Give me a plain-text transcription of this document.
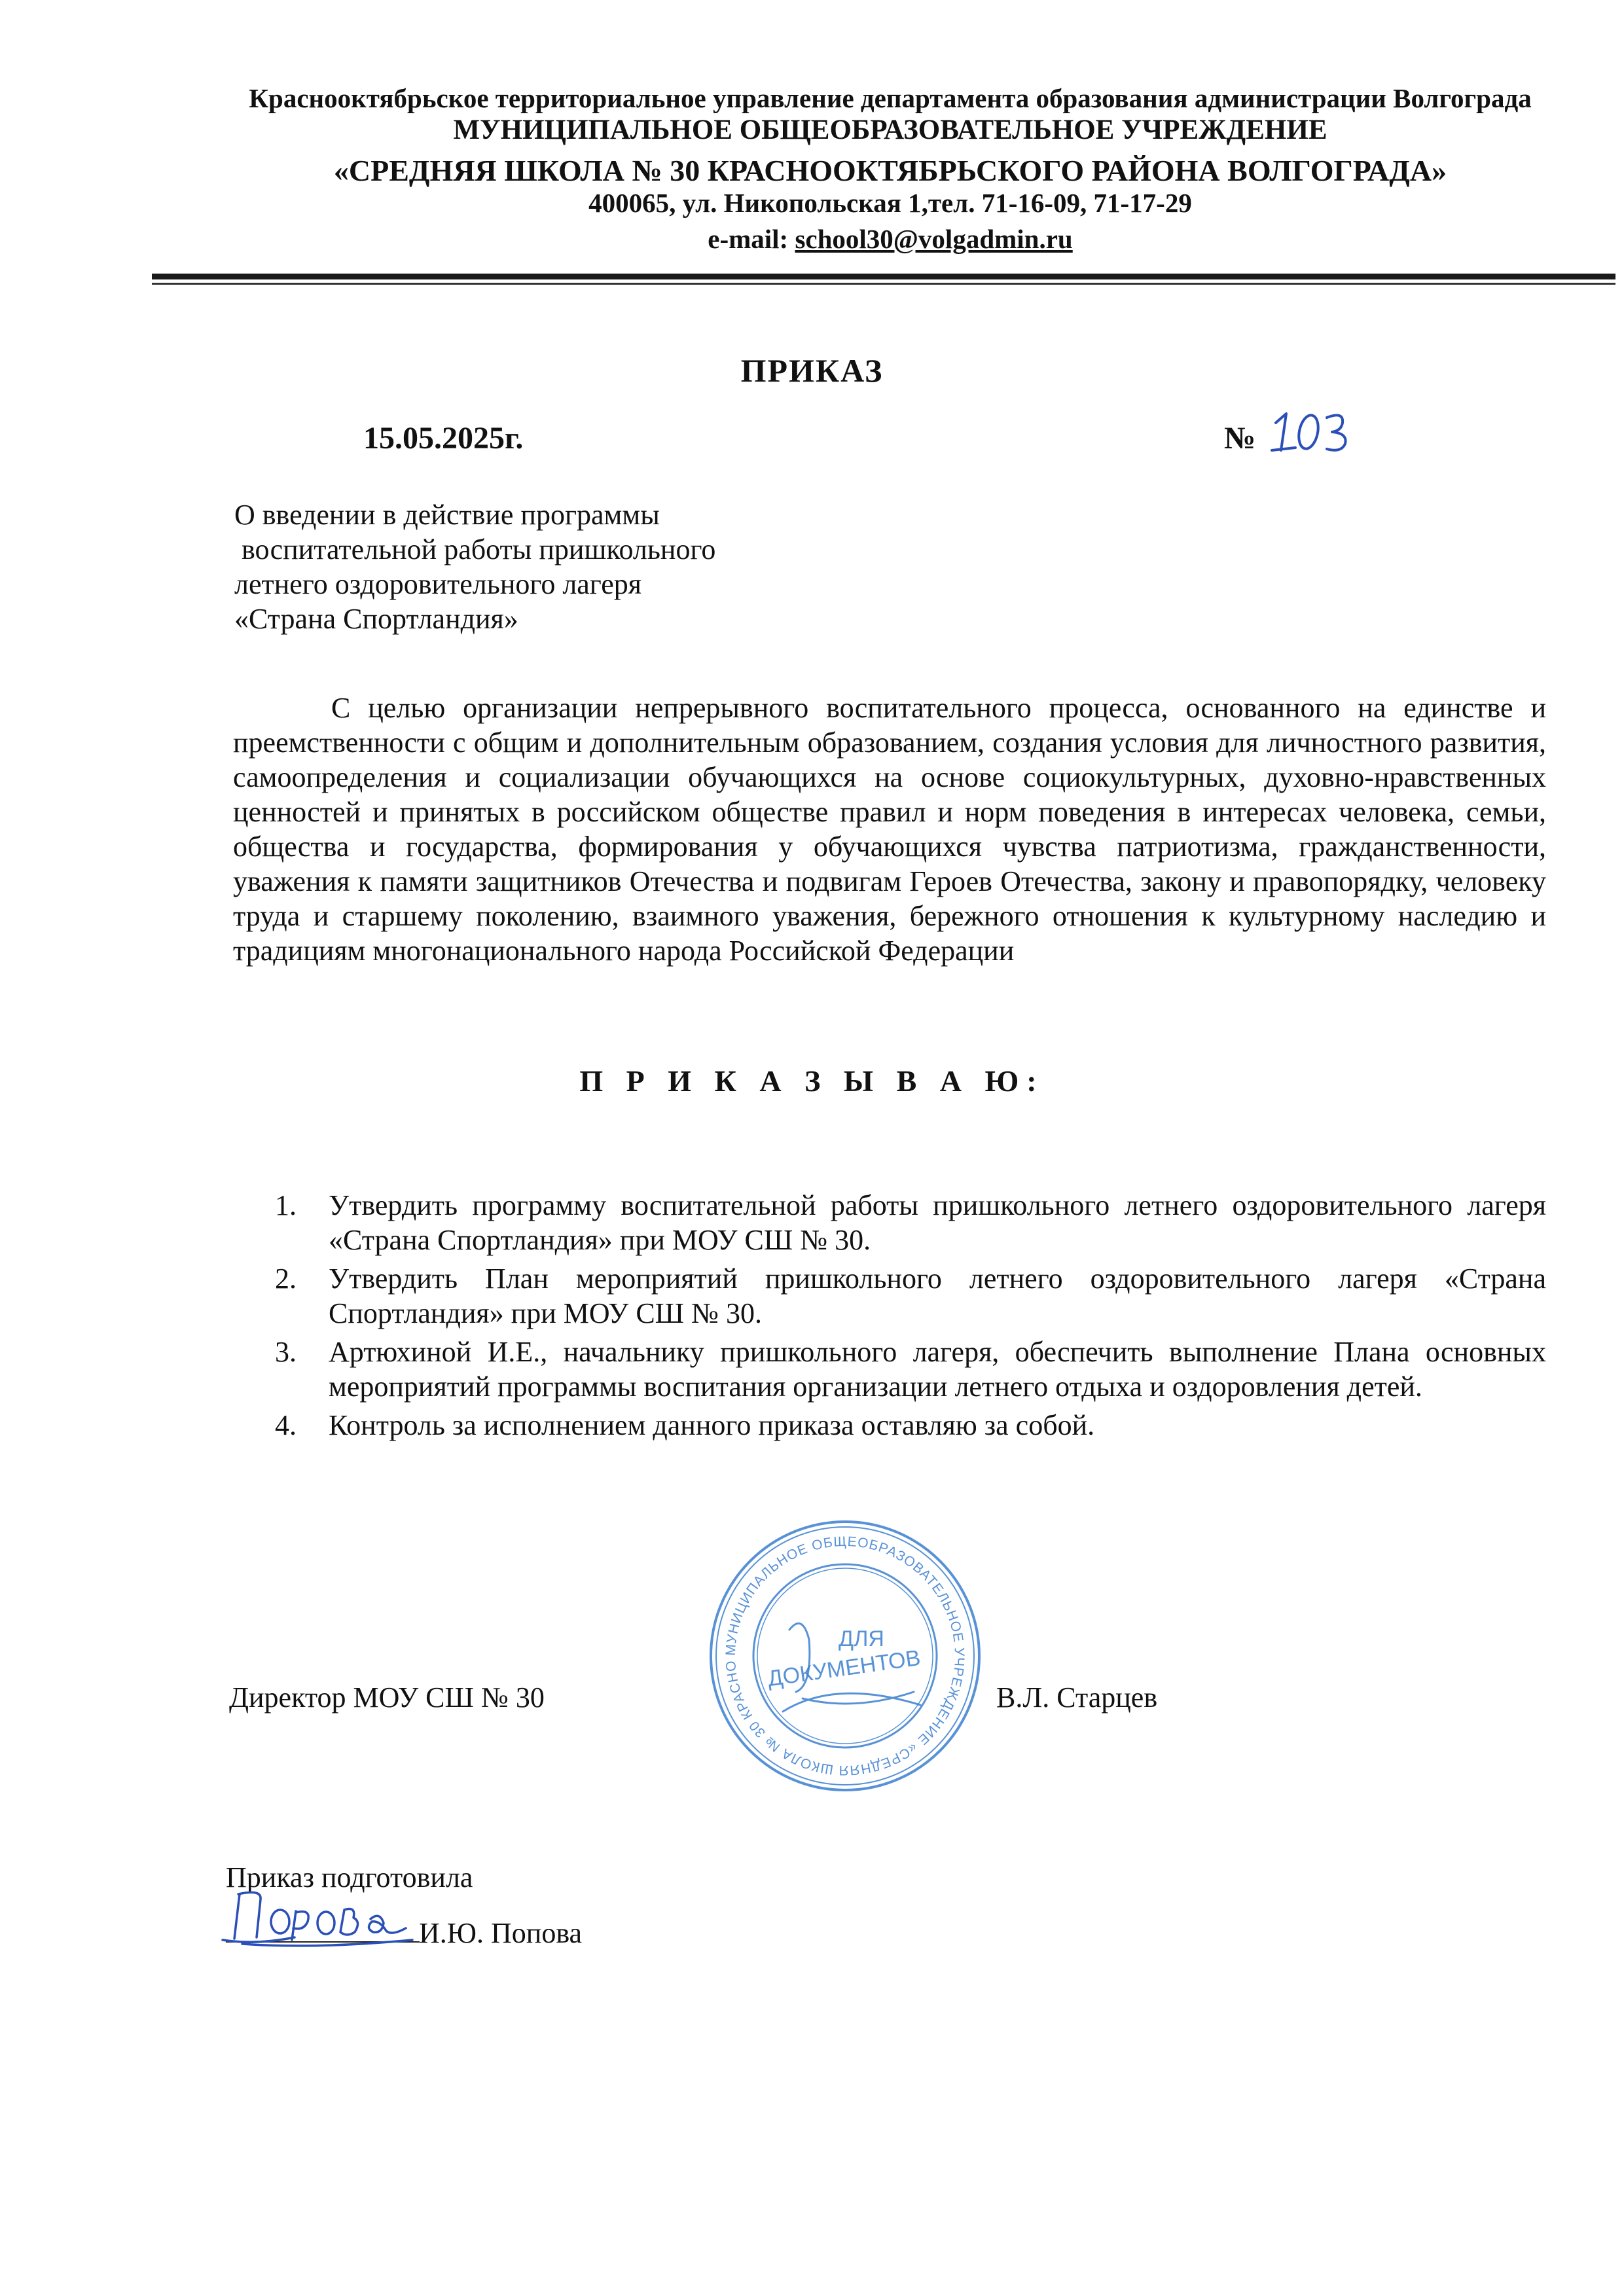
Краснооктябрьское территориальное управление департамента образования администрации Волгограда
МУНИЦИПАЛЬНОЕ ОБЩЕОБРАЗОВАТЕЛЬНОЕ УЧРЕЖДЕНИЕ
«СРЕДНЯЯ ШКОЛА № 30 КРАСНООКТЯБРЬСКОГО РАЙОНА ВОЛГОГРАДА»
400065, ул. Никопольская 1,тел. 71-16-09, 71-17-29
e-mail: school30@volgadmin.ru
ПРИКАЗ
15.05.2025г.	№
О введении в действие программы
воспитательной работы пришкольного
летнего оздоровительного лагеря
«Страна Спортландия»
С целью организации непрерывного воспитательного процесса, основанного на единстве и преемственности с общим и дополнительным образованием, создания условия для личностного развития, самоопределения и социализации обучающихся на основе социокультурных, духовно-нравственных ценностей и принятых в российском обществе правил и норм поведения в интересах человека, семьи, общества и государства, формирования у обучающихся чувства патриотизма, гражданственности, уважения к памяти защитников Отечества и подвигам Героев Отечества, закону и правопорядку, человеку труда и старшему поколению, взаимного уважения, бережного отношения к культурному наследию и традициям многонационального народа Российской Федерации
П Р И К А З Ы В А Ю:
1. Утвердить программу воспитательной работы пришкольного летнего оздоровительного лагеря «Страна Спортландия» при МОУ СШ № 30.
2. Утвердить План мероприятий пришкольного летнего оздоровительного лагеря «Страна Спортландия» при МОУ СШ № 30.
3. Артюхиной И.Е., начальнику пришкольного лагеря, обеспечить выполнение Плана основных мероприятий программы воспитания организации летнего отдыха и оздоровления детей.
4. Контроль за исполнением данного приказа оставляю за собой.
МУНИЦИПАЛЬНОЕ ОБЩЕОБРАЗОВАТЕЛЬНОЕ УЧРЕЖДЕНИЕ «СРЕДНЯЯ ШКОЛА № 30 КРАСНО
ДЛЯ
ДОКУМЕНТОВ
Директор МОУ СШ № 30	В.Л. Старцев
Приказ подготовила
И.Ю. Попова
